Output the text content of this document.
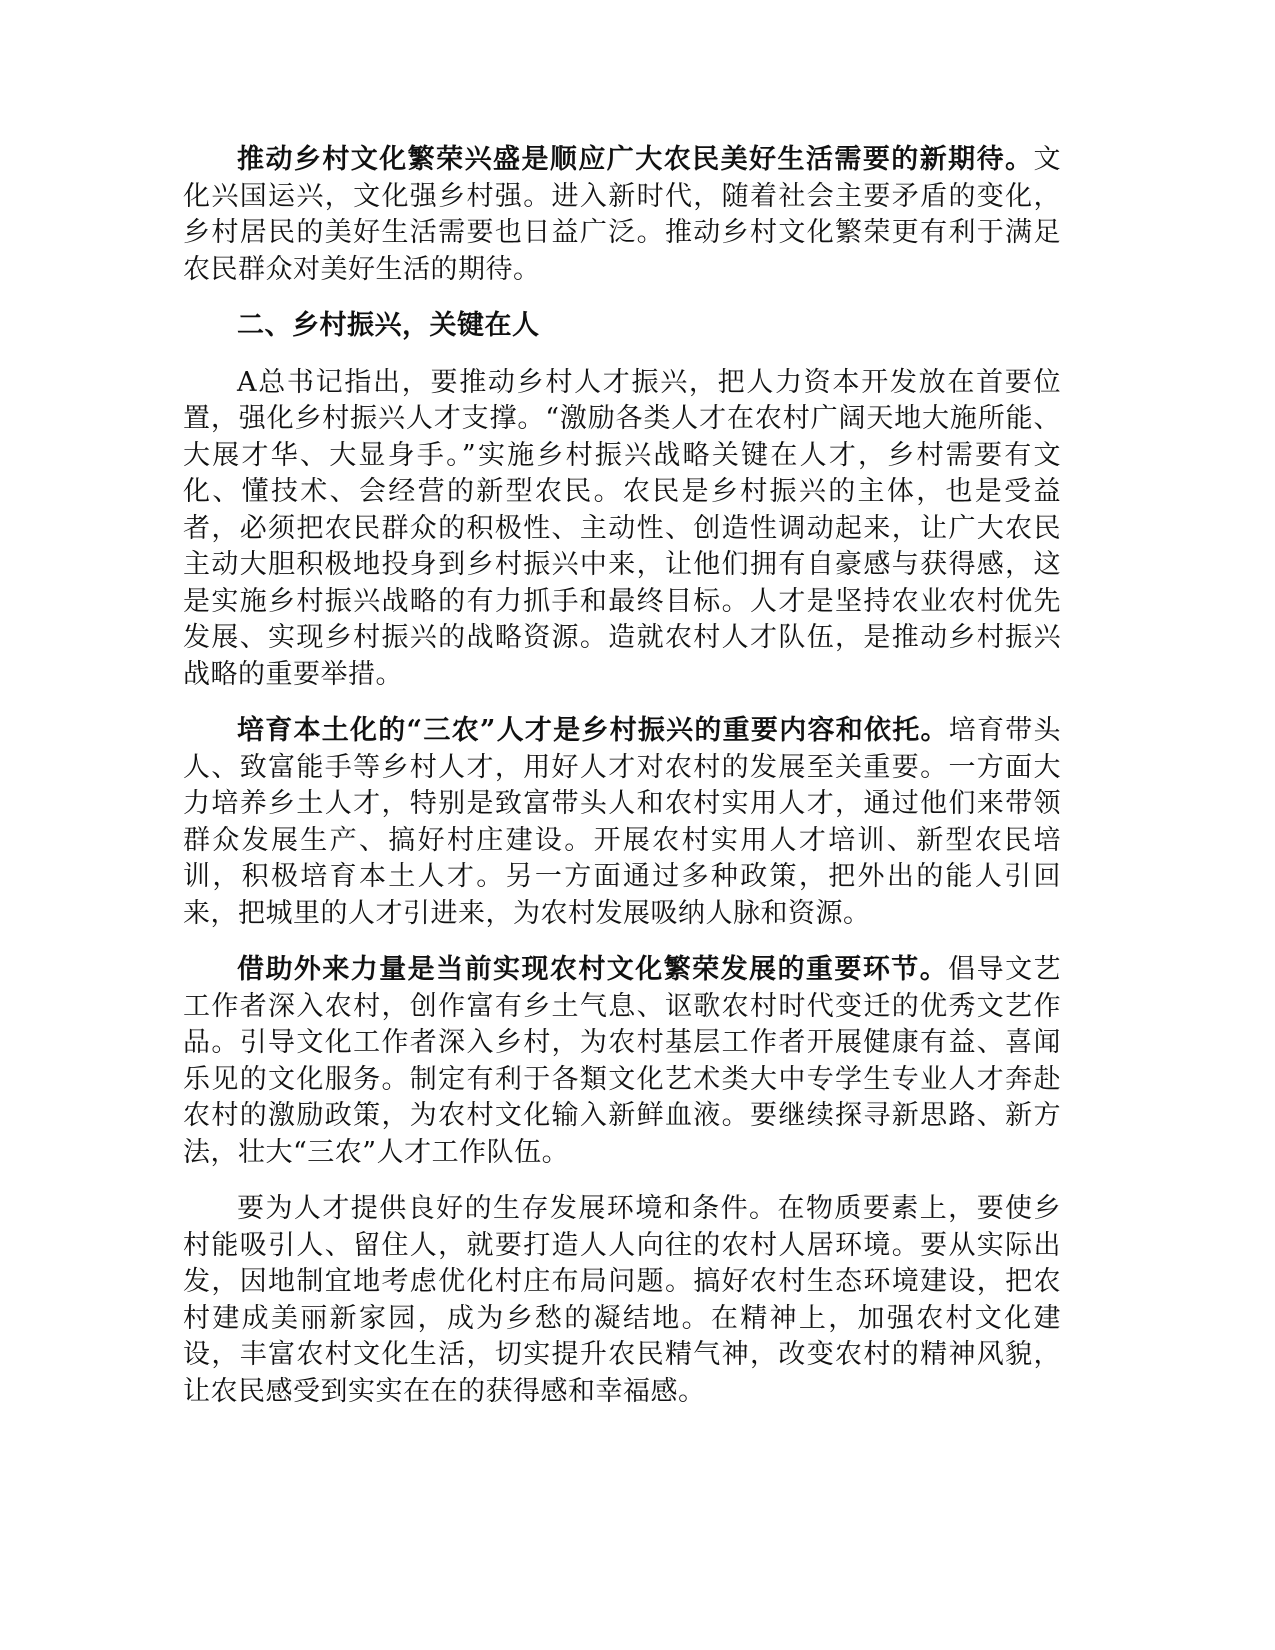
推动乡村文化繁荣兴盛是顺应广大农民美好生活需要的新期待。文化兴国运兴，文化强乡村强。进入新时代，随着社会主要矛盾的变化，乡村居民的美好生活需要也日益广泛。推动乡村文化繁荣更有利于满足农民群众对美好生活的期待。

二、乡村振兴，关键在人

A总书记指出，要推动乡村人才振兴，把人力资本开发放在首要位置，强化乡村振兴人才支撑。“激励各类人才在农村广阔天地大施所能、大展才华、大显身手。”实施乡村振兴战略关键在人才，乡村需要有文化、懂技术、会经营的新型农民。农民是乡村振兴的主体，也是受益者，必须把农民群众的积极性、主动性、创造性调动起来，让广大农民主动大胆积极地投身到乡村振兴中来，让他们拥有自豪感与获得感，这是实施乡村振兴战略的有力抓手和最终目标。人才是坚持农业农村优先发展、实现乡村振兴的战略资源。造就农村人才队伍，是推动乡村振兴战略的重要举措。

培育本土化的“三农”人才是乡村振兴的重要内容和依托。培育带头人、致富能手等乡村人才，用好人才对农村的发展至关重要。一方面大力培养乡土人才，特别是致富带头人和农村实用人才，通过他们来带领群众发展生产、搞好村庄建设。开展农村实用人才培训、新型农民培训，积极培育本土人才。另一方面通过多种政策，把外出的能人引回来，把城里的人才引进来，为农村发展吸纳人脉和资源。

借助外来力量是当前实现农村文化繁荣发展的重要环节。倡导文艺工作者深入农村，创作富有乡土气息、讴歌农村时代变迁的优秀文艺作品。引导文化工作者深入乡村，为农村基层工作者开展健康有益、喜闻乐见的文化服务。制定有利于各類文化艺术类大中专学生专业人才奔赴农村的激励政策，为农村文化输入新鲜血液。要继续探寻新思路、新方法，壮大“三农”人才工作队伍。

要为人才提供良好的生存发展环境和条件。在物质要素上，要使乡村能吸引人、留住人，就要打造人人向往的农村人居环境。要从实际出发，因地制宜地考虑优化村庄布局问题。搞好农村生态环境建设，把农村建成美丽新家园，成为乡愁的凝结地。在精神上，加强农村文化建设，丰富农村文化生活，切实提升农民精气神，改变农村的精神风貌，让农民感受到实实在在的获得感和幸福感。
